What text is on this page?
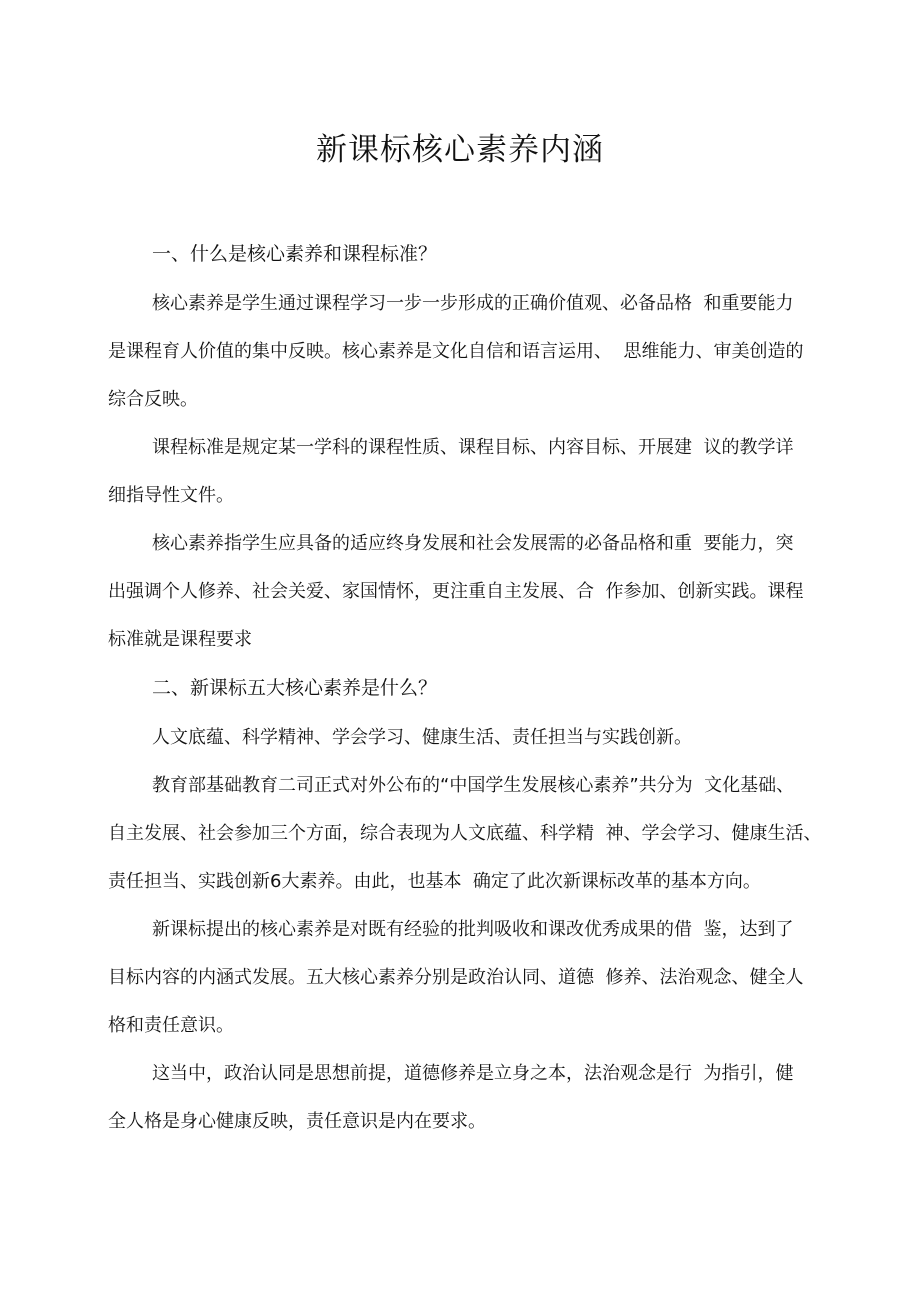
新课标核心素养内涵

一、什么是核心素养和课程标准？

核心素养是学生通过课程学习一步一步形成的正确价值观、必备品格  和重要能力

是课程育人价值的集中反映。核心素养是文化自信和语言运用、  思维能力、审美创造的

综合反映。

课程标准是规定某一学科的课程性质、课程目标、内容目标、开展建  议的教学详

细指导性文件。

核心素养指学生应具备的适应终身发展和社会发展需的必备品格和重  要能力，突

出强调个人修养、社会关爱、家国情怀，更注重自主发展、合  作参加、创新实践。课程

标准就是课程要求

二、新课标五大核心素养是什么？

人文底蕴、科学精神、学会学习、健康生活、责任担当与实践创新。

教育部基础教育二司正式对外公布的“中国学生发展核心素养”共分为  文化基础、

自主发展、社会参加三个方面，综合表现为人文底蕴、科学精  神、学会学习、健康生活、

责任担当、实践创新6大素养。由此，也基本  确定了此次新课标改革的基本方向。

新课标提出的核心素养是对既有经验的批判吸收和课改优秀成果的借  鉴，达到了

目标内容的内涵式发展。五大核心素养分别是政治认同、道德  修养、法治观念、健全人

格和责任意识。

这当中，政治认同是思想前提，道德修养是立身之本，法治观念是行  为指引，健

全人格是身心健康反映，责任意识是内在要求。
